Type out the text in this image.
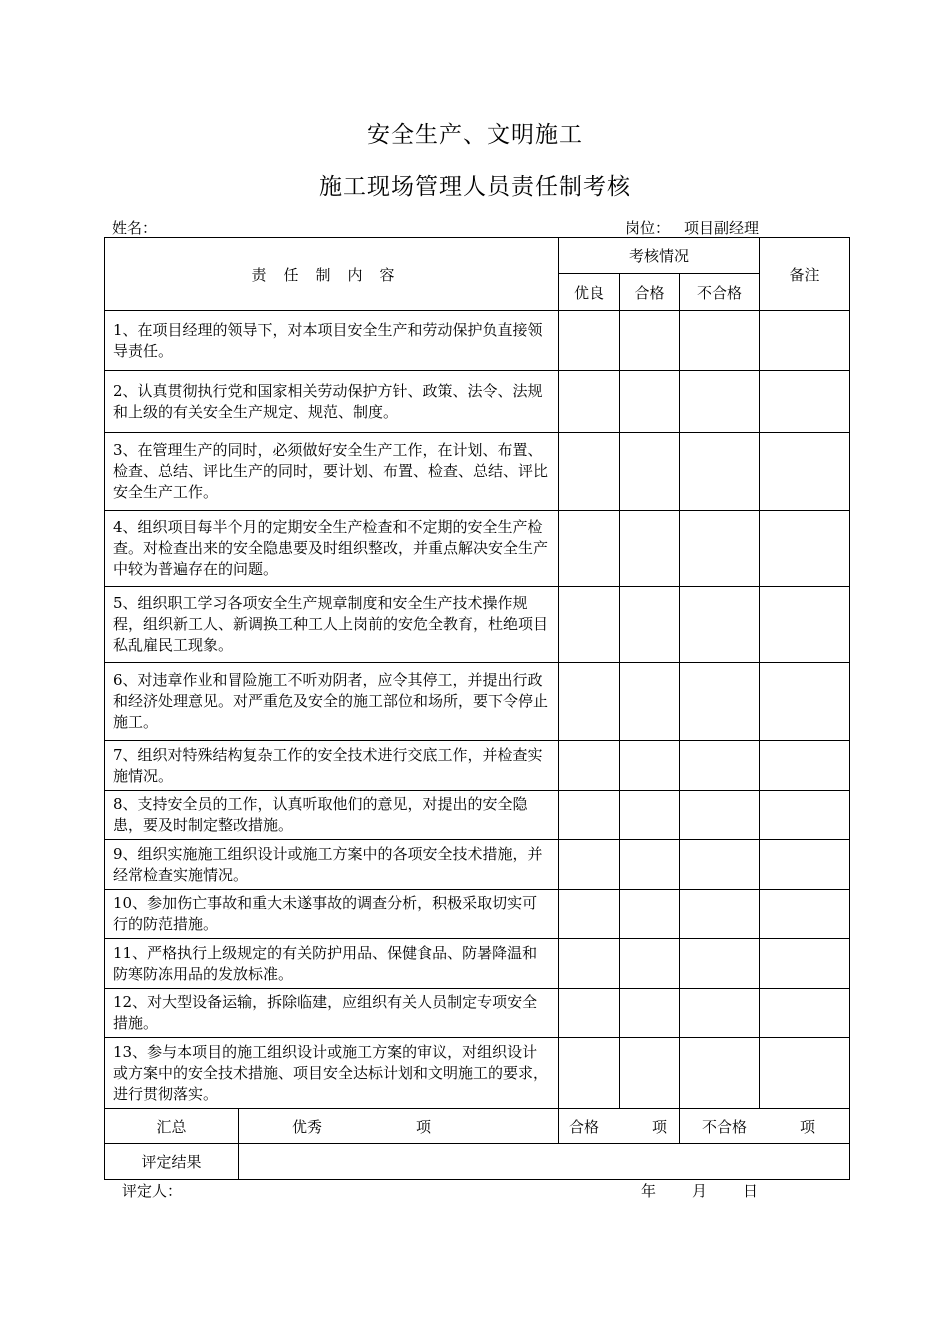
安全生产、文明施工
施工现场管理人员责任制考核
姓名：	岗位： 项目副经理
责任制内容		考核情况			备注
		优良	合格	不合格	
1、在项目经理的领导下，对本项目安全生产和劳动保护负直接领导责任。					
2、认真贯彻执行党和国家相关劳动保护方针、政策、法令、法规和上级的有关安全生产规定、规范、制度。					
3、在管理生产的同时，必须做好安全生产工作，在计划、布置、检查、总结、评比生产的同时，要计划、布置、检查、总结、评比安全生产工作。					
4、组织项目每半个月的定期安全生产检查和不定期的安全生产检查。对检查出来的安全隐患要及时组织整改，并重点解决安全生产中较为普遍存在的问题。					
5、组织职工学习各项安全生产规章制度和安全生产技术操作规程，组织新工人、新调换工种工人上岗前的安危全教育，杜绝项目私乱雇民工现象。					
6、对违章作业和冒险施工不听劝阴者，应令其停工，并提出行政和经济处理意见。对严重危及安全的施工部位和场所，要下令停止施工。					
7、组织对特殊结构复杂工作的安全技术进行交底工作，并检查实施情况。					
8、支持安全员的工作，认真听取他们的意见，对提出的安全隐患，要及时制定整改措施。					
9、组织实施施工组织设计或施工方案中的各项安全技术措施，并经常检查实施情况。					
10、参加伤亡事故和重大未遂事故的调查分析，积极采取切实可行的防范措施。					
11、严格执行上级规定的有关防护用品、保健食品、防暑降温和防寒防冻用品的发放标准。					
12、对大型设备运输，拆除临建，应组织有关人员制定专项安全措施。					
13、参与本项目的施工组织设计或施工方案的审议，对组织设计或方案中的安全技术措施、项目安全达标计划和文明施工的要求，进行贯彻落实。					
汇总	优秀 项	合格 项		不合格 项	

评定结果					
评定人：	年 月 日
